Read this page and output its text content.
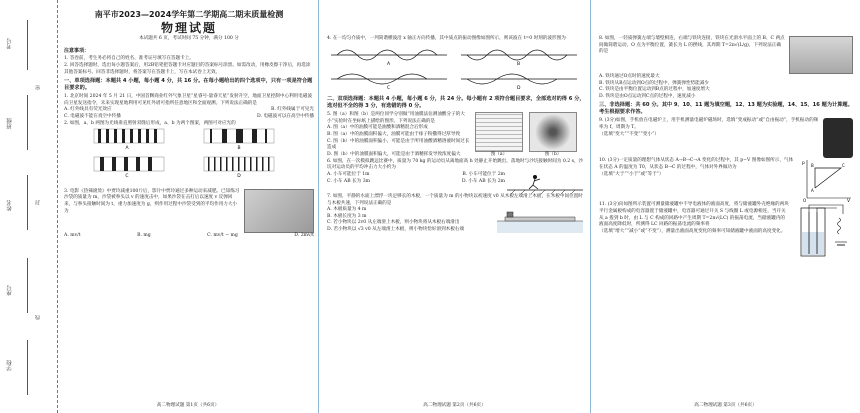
考号
班级
姓名
座号
学校
密
封
线
南平市2023—2024学年第二学期高二期末质量检测
物理试题
本试题共 6 页，考试时间 75 分钟，满分 100 分
注意事项：

1. 答卷前，考生务必将自己的姓名、准考证号填写在答题卡上。

2. 回答选择题时，选出每小题答案后，用2B铅笔把答题卡对应题目的答案标号涂黑。如需改动，用橡皮擦干净后，再选涂其他答案标号。回答非选择题时，将答案写在答题卡上，写在本试卷上无效。

一、单项选择题：本题共 4 小题，每小题 4 分，共 16 分。在每小题给出的四个选项中，只有一项是符合题目要求的。

1. 北京时间 2024 年 5 月 21 日，中国首颗商业红外气象卫星“星睿号-量睿天星”发射升空，地面卫星控制中心利用电磁波向卫星发送指令，未来实现星地利用可见红外谱可指所任意地区和全面观测。下列说法正确的是

A. 红外线具有荧光效应	B. 红外线属于可见光
C. 电磁波不能在真空中传播	D. 电磁波可以在高空中传播

2. 如图，a、b 两图为光线垂直照射双缝后形成，a、b 为两个图案，两图可对应光的

A	B
C	D

3. 电影《热辣滚烫》中贾玲减重100斤后，影片中贾玲通过多种运动来减肥。已知练习沙袋的质量为 m，沙袋被拳头以 v 的速度击中，如果沙袋在击打后以速度 v 反弹回来，与拳头接触时间为 t，重力加速度为 g，则作用过程中沙袋受到的平均作用力大小为

A. mv/t	B. mg	C. mv/t − mg	D. 2mv/t
高二物理试题 第1页（共6页）

4. 在一均匀介质中，一列简谐横波沿 x 轴正方向传播，其中质点的振动图像如图所示，则该波在 t=0 时刻的波形图为

A	B
C	D
二、双项选择题：本题共 4 小题，每小题 6 分，共 24 分。每小题有 2 项符合题目要求，全部选对的得 6 分，选对但不全的得 3 分，有选错的得 0 分。

5. 图（a）和图（b）是两位同学分别做“用油膜法估测油酸分子的大小”实验时在坐标纸上描绘的图形。下列说法正确的是

A. 图（a）中的油膜可能是油酸和酒精混合后形成
B. 图（a）中的油膜面积偏大，油膜可能由于痱子粉撒得过厚导致
C. 图（b）中的油膜面积偏小，可能是由于所用油酸酒精溶液时间过长造成
D. 图（b）中的油膜面积偏大，可能是由于酒精挥发导致浓度偏大	图（a）	图（b）

6. 如图，在一次模拟跳远比赛中，质量为 70 kg 的运动员从离地面高 h 处静止开始跳出，落地时与沙坑接触时间为 0.2 s，沙坑对运动员的平均冲击力大小约为

A. 小车可能位于 1m	B. 小车可能位于 2m
C. 小车 AB 长为 3m	D. 小车 AB 长为 2m

7. 如图，平静的水面上漂浮一块足够长的木板，一个质量为 m 的小物块以初速度 v0 从木板左端滑上木板，在木板中间位置时与木板共速，下列说法正确的是

A. 木板质量为 4 m
B. 木板长度为 3 m
C. 若小物块以 2v0 从左端滑上木板，则小物块将从木板右端滑出
D. 若小物块以 √3 v0 从左端滑上木板，则小物块恰好滑到木板右端
高二物理试题 第2页（共6页）

8. 如图，一轻质弹簧左端与墙壁相连，右端与铁块连接，铁块在光滑水平面上的 B、C 两点间做简谐运动，O 点为平衡位置，簧长为 L 的摆线，其周期 T=2π√(L/g)，下列说法正确的是

A. 铁块通过O点时的速度最大
B. 铁块从B点运动到O点的过程中，弹簧弹性势能减少
C. 铁块是由平衡位置运动到B点的过程中，加速度增大
D. 铁块是由O点运动到C点的过程中，速度减小
三、非选择题：共 60 分。其中 9、10、11 题为填空题，12、13 题为实验题，14、15、16 题为计算题。考生根据要求作答。

9. (3分)如图，手机放在电磁炉上，用手机测量电磁炉磁场时，选填“变成振动”或“自由振动”，手机振动的频率为 f，周期为 T。

（选填“变大”“不变”“变小”）

10. (3分)一定质量的理想气体从状态 A→B→C→A 变化的过程中，其 p−V 图像如图所示，气体在状态 A 的温度为 T0，从状态 B→C 的过程中，气体对外界做功为

（选填“大于”“小于”或“等于”）

p
V
A
B	C
O

11. (3分)向如图所示装置可测量储液罐中不导电液体的液面高度，将与储液罐外壳绝缘的两块平行金属板构成的电容器置于储液罐中，电容器可通过开关 S 与线圈 L 或电源相连，当开关从 a 拨到 b 时，由 L 与 C 构成的回路中产生周期 T=2π√(LC) 的振荡电流，当储液罐内的液面高度降低时，所测得 LC 回路的振荡电流的频率将

（选填“增大”“减小”或“不变”），测量出液面高度变化的频率可知储液罐中液面的高度变化。

高二物理试题 第3页（共6页）
